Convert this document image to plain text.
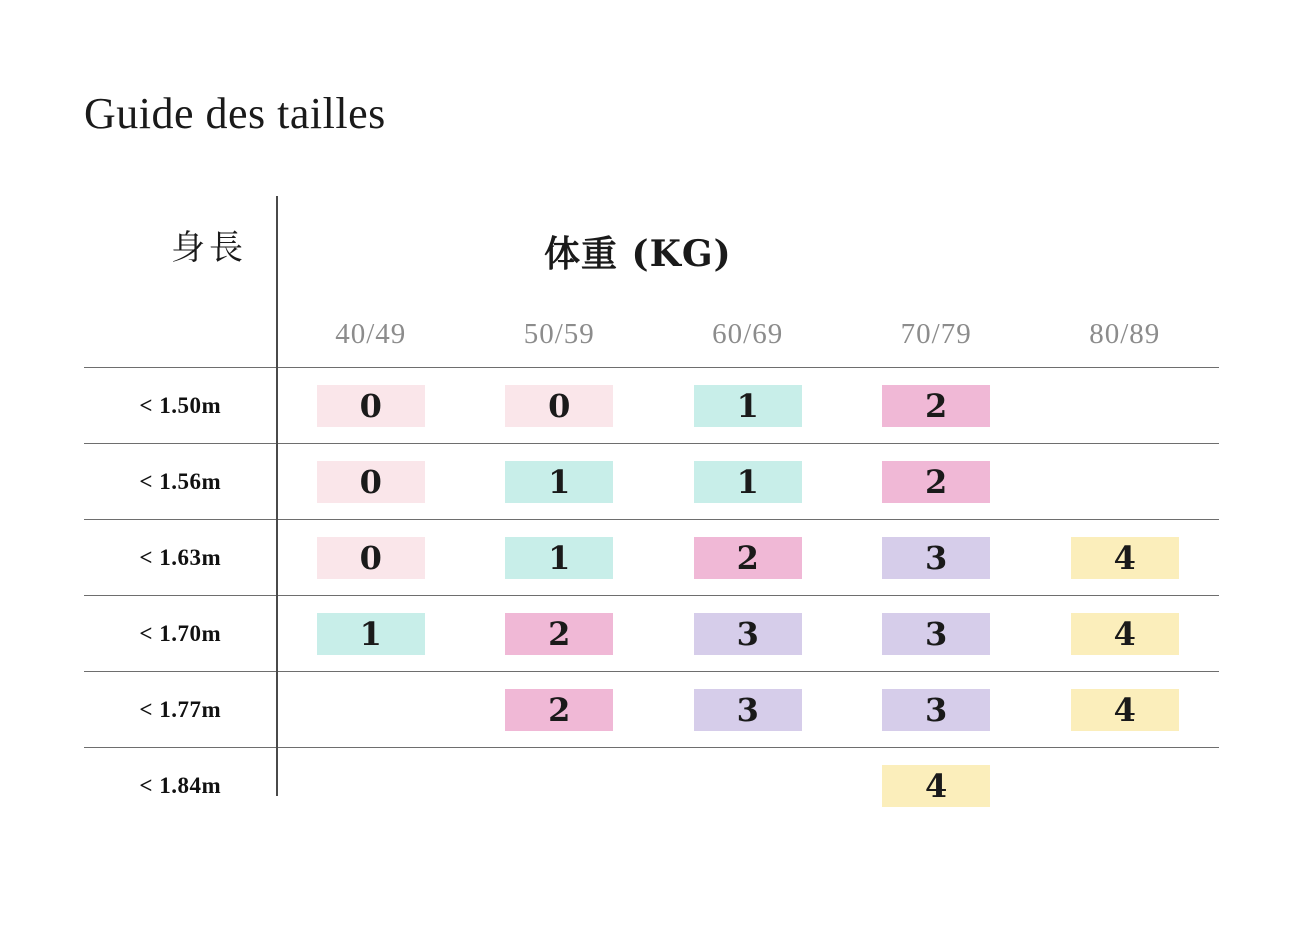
Guide des tailles
身長	体重 (KG)
	40/49	50/59	60/69	70/79	80/89
< 1.50m	0	0	1	2	
< 1.56m	0	1	1	2	
< 1.63m	0	1	2	3	4
< 1.70m	1	2	3	3	4
< 1.77m		2	3	3	4
< 1.84m				4	
